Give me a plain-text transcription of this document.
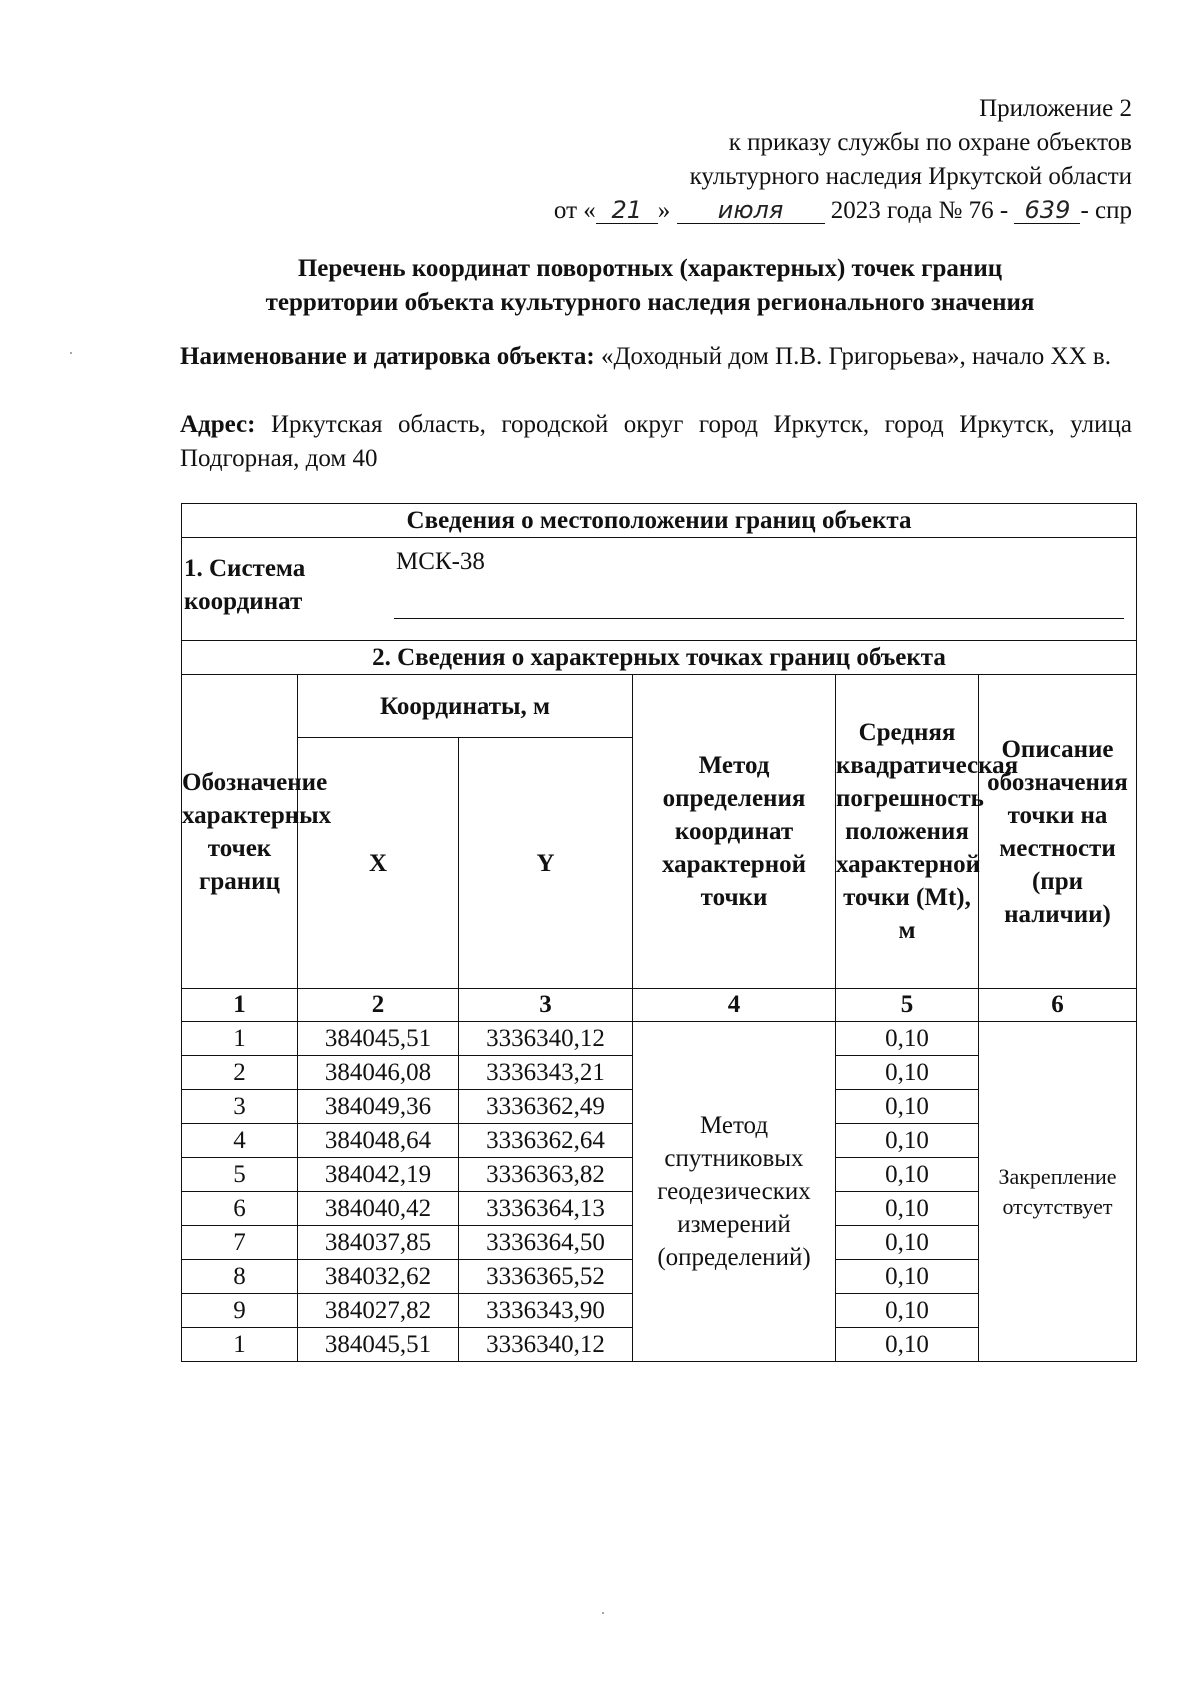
Приложение 2
к приказу службы по охране объектов
культурного наследия Иркутской области
от « 21 » июля 2023 года № 76 - 639 - спр
Перечень координат поворотных (характерных) точек границ
территории объекта культурного наследия регионального значения
Наименование и датировка объекта: «Доходный дом П.В. Григорьева», начало XX в.
Адрес: Иркутская область, городской округ город Иркутск, город Иркутск, улица Подгорная, дом 40
Сведения о местоположении границ объекта					

1. Система координат
МСК-38					

2. Сведения о характерных точках границ объекта					
Обозначение характерных точек границ	Координаты, м		Метод определения координат характерной точки	Средняя квадратическая погрешность положения характерной точки (Mt), м	Описание обозначения точки на местности (при наличии)
	X	Y			
1	2	3	4	5	6
1	384045,51	3336340,12	Метод спутниковых геодезических измерений (определений)	0,10	Закрепление отсутствует
2	384046,08	3336343,21		0,10	
3	384049,36	3336362,49		0,10	
4	384048,64	3336362,64		0,10	
5	384042,19	3336363,82		0,10	
6	384040,42	3336364,13		0,10	
7	384037,85	3336364,50		0,10	
8	384032,62	3336365,52		0,10	
9	384027,82	3336343,90		0,10	
1	384045,51	3336340,12		0,10	
